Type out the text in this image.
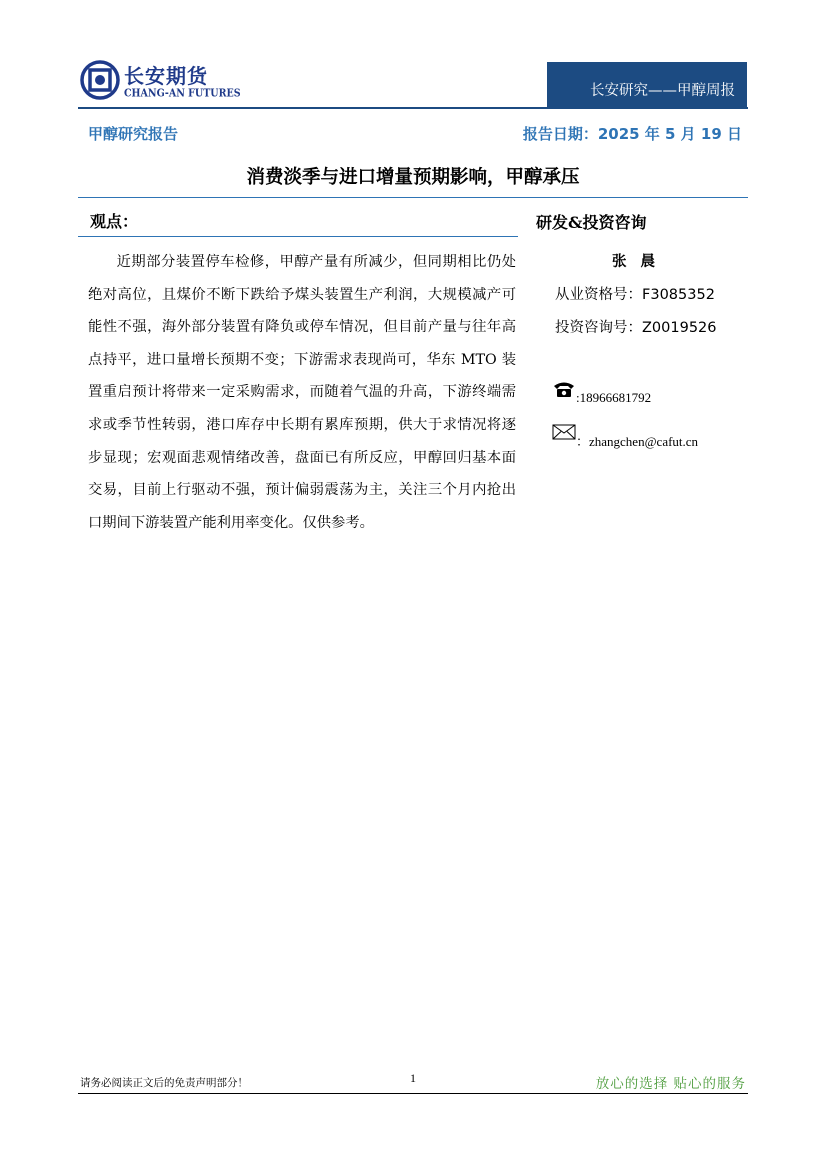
长安期货
CHANG-AN FUTURES	长安研究——甲醇周报
甲醇研究报告	报告日期：2025 年 5 月 19 日
消费淡季与进口增量预期影响，甲醇承压
观点：

近期部分装置停车检修，甲醇产量有所减少，但同期相比仍处绝对高位，且煤价不断下跌给予煤头装置生产利润，大规模减产可能性不强，海外部分装置有降负或停车情况，但目前产量与往年高点持平，进口量增长预期不变；下游需求表现尚可，华东 MTO 装置重启预计将带来一定采购需求，而随着气温的升高，下游终端需求或季节性转弱，港口库存中长期有累库预期，供大于求情况将逐步显现；宏观面悲观情绪改善，盘面已有所反应，甲醇回归基本面交易，目前上行驱动不强，预计偏弱震荡为主，关注三个月内抢出口期间下游装置产能利用率变化。仅供参考。

研发&投资咨询
张晨
从业资格号：F3085352
投资咨询号：Z0019526
:18966681792
：zhangchen@cafut.cn
请务必阅读正文后的免责声明部分！	1	放心的选择 贴心的服务
